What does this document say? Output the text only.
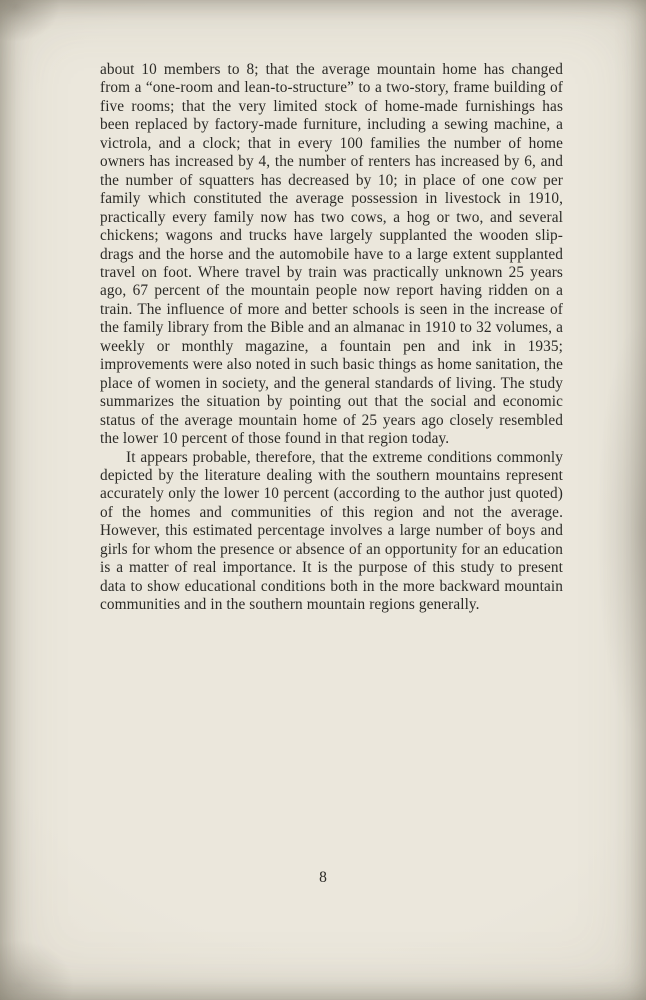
about 10 members to 8; that the average mountain home has changed from a “one-room and lean-to-structure” to a two-story, frame building of five rooms; that the very limited stock of home-made furnishings has been replaced by factory-made furniture, including a sewing machine, a victrola, and a clock; that in every 100 families the number of home owners has increased by 4, the number of renters has increased by 6, and the number of squatters has decreased by 10; in place of one cow per family which constituted the average possession in livestock in 1910, practically every family now has two cows, a hog or two, and several chickens; wagons and trucks have largely supplanted the wooden slip-drags and the horse and the automobile have to a large extent supplanted travel on foot. Where travel by train was practically unknown 25 years ago, 67 percent of the mountain people now report having ridden on a train. The influence of more and better schools is seen in the increase of the family library from the Bible and an almanac in 1910 to 32 volumes, a weekly or monthly magazine, a fountain pen and ink in 1935; improvements were also noted in such basic things as home sanitation, the place of women in society, and the general standards of living. The study summarizes the situation by pointing out that the social and economic status of the average mountain home of 25 years ago closely resembled the lower 10 percent of those found in that region today.

It appears probable, therefore, that the extreme conditions commonly depicted by the literature dealing with the southern mountains represent accurately only the lower 10 percent (according to the author just quoted) of the homes and communities of this region and not the average. However, this estimated percentage involves a large number of boys and girls for whom the presence or absence of an opportunity for an education is a matter of real importance. It is the purpose of this study to present data to show educational conditions both in the more backward mountain communities and in the southern mountain regions generally.

8
